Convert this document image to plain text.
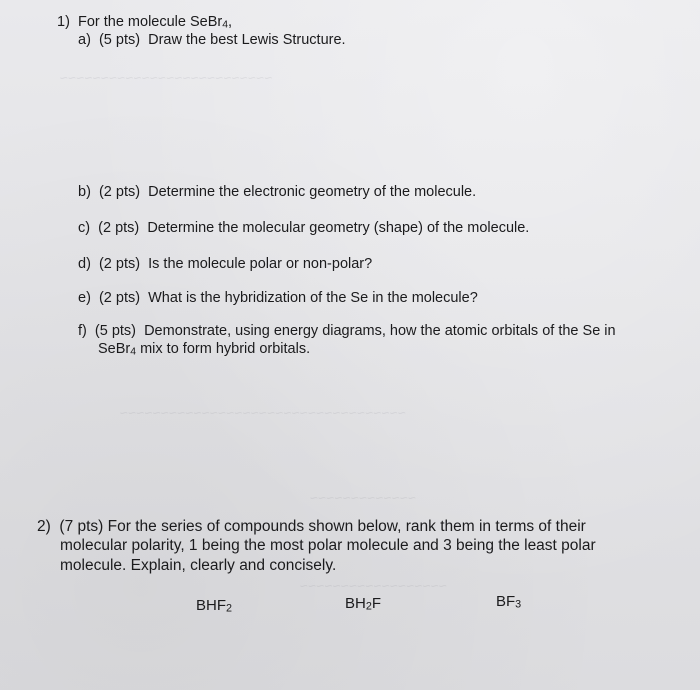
~~~~~~~~~~~~~~~~~~~~~~~~~~
~~~~~~~~~~~~~~~~~~~~~~~~~~~~~~~~~~~
~~~~~~~~~~~~~
~~~~~~~~~~~~~~~~~~
1) For the molecule SeBr$_4$,
a) (5 pts) Draw the best Lewis Structure.
b) (2 pts) Determine the electronic geometry of the molecule.
c) (2 pts) Determine the molecular geometry (shape) of the molecule.
d) (2 pts) Is the molecule polar or non-polar?
e) (2 pts) What is the hybridization of the Se in the molecule?
f) (5 pts) Demonstrate, using energy diagrams, how the atomic orbitals of the Se in
SeBr$_4$ mix to form hybrid orbitals.
2) (7 pts) For the series of compounds shown below, rank them in terms of their
molecular polarity, 1 being the most polar molecule and 3 being the least polar
molecule. Explain, clearly and concisely.
$BHF_2$	$BH_2F$	$BF_3$
